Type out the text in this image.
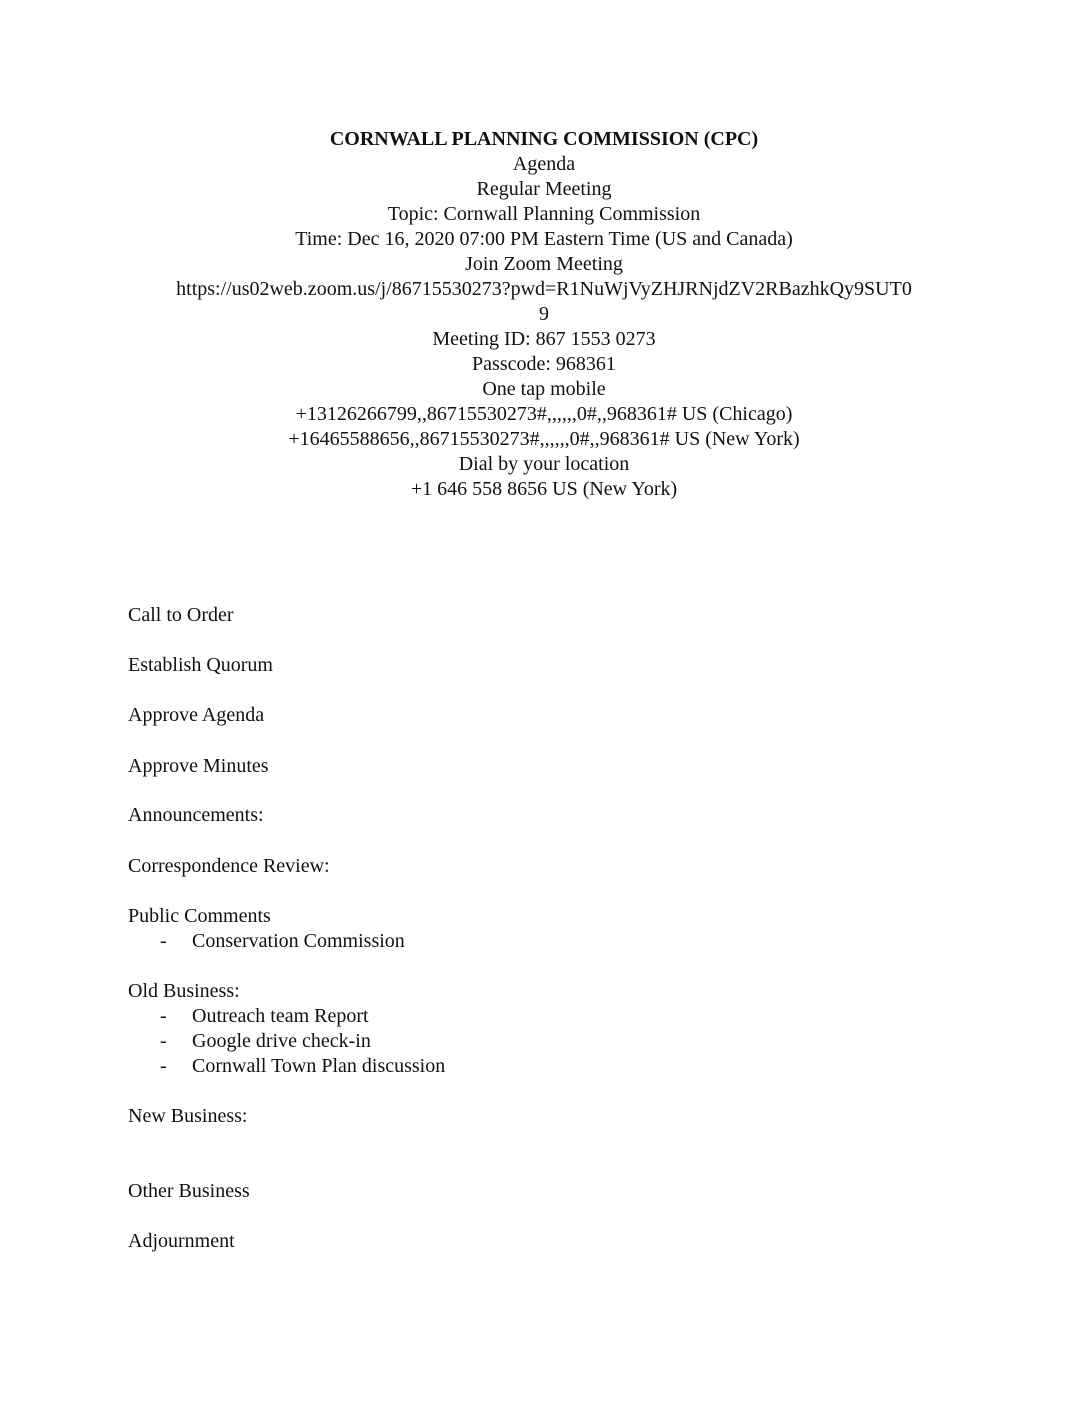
CORNWALL PLANNING COMMISSION (CPC)
Agenda
Regular Meeting
Topic: Cornwall Planning Commission
Time: Dec 16, 2020 07:00 PM Eastern Time (US and Canada)
Join Zoom Meeting
https://us02web.zoom.us/j/86715530273?pwd=R1NuWjVyZHJRNjdZV2RBazhkQy9SUT0
9
Meeting ID: 867 1553 0273
Passcode: 968361
One tap mobile
+13126266799,,86715530273#,,,,,,0#,,968361# US (Chicago)
+16465588656,,86715530273#,,,,,,0#,,968361# US (New York)
Dial by your location
+1 646 558 8656 US (New York)
Call to Order
Establish Quorum
Approve Agenda
Approve Minutes
Announcements:
Correspondence Review:
Public Comments
- Conservation Commission
Old Business:
- Outreach team Report
- Google drive check-in
- Cornwall Town Plan discussion
New Business:
Other Business
Adjournment
